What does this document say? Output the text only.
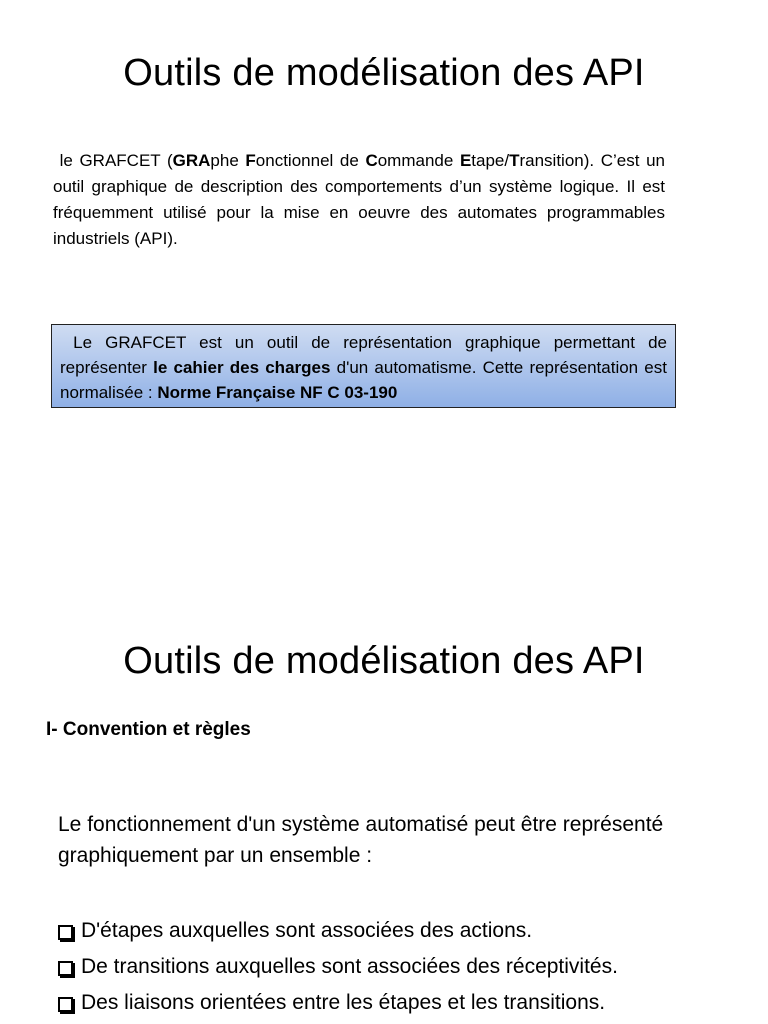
Outils de modélisation des API

le GRAFCET (GRAphe Fonctionnel de Commande Etape/Transition). C’est un outil graphique de description des comportements d’un système logique. Il est fréquemment utilisé pour la mise en oeuvre des automates programmables industriels (API).

Le GRAFCET est un outil de représentation graphique permettant de représenter le cahier des charges d'un automatisme. Cette représentation est normalisée : Norme Française NF C 03-190
Outils de modélisation des API
I- Convention et règles

Le fonctionnement d'un système automatisé peut être représenté graphiquement par un ensemble :

D'étapes auxquelles sont associées des actions.
De transitions auxquelles sont associées des réceptivités.
Des liaisons orientées entre les étapes et les transitions.
